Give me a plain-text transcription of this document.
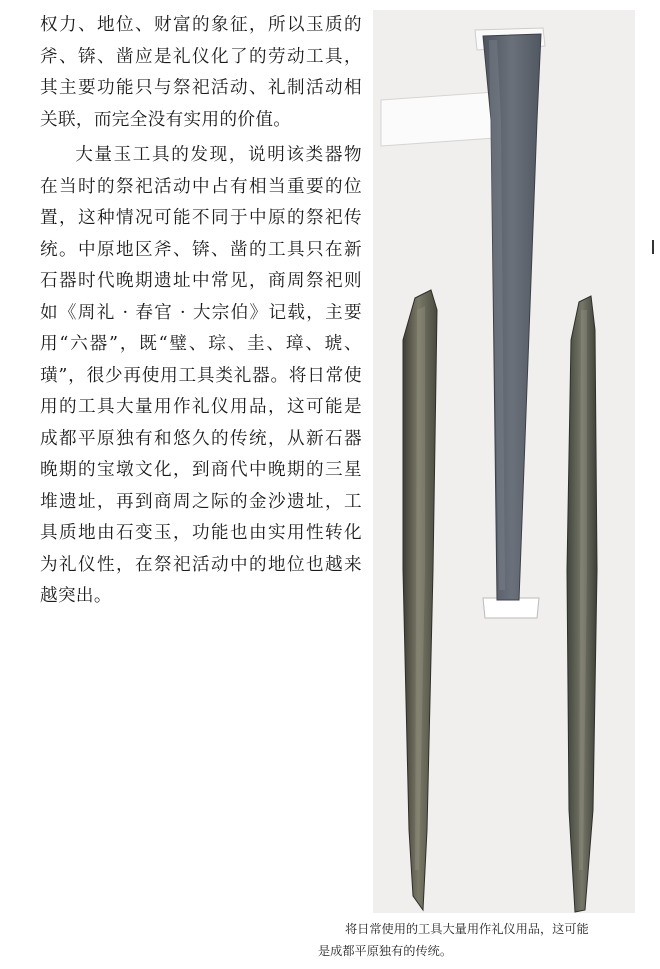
权力、地位、财富的象征，所以玉质的斧、锛、凿应是礼仪化了的劳动工具，其主要功能只与祭祀活动、礼制活动相关联，而完全没有实用的价值。

大量玉工具的发现，说明该类器物在当时的祭祀活动中占有相当重要的位置，这种情况可能不同于中原的祭祀传统。中原地区斧、锛、凿的工具只在新石器时代晚期遗址中常见，商周祭祀则如《周礼 · 春官 · 大宗伯》记载，主要用“六器”，既“璧、琮、圭、璋、琥、璜”，很少再使用工具类礼器。将日常使用的工具大量用作礼仪用品，这可能是成都平原独有和悠久的传统，从新石器晚期的宝墩文化，到商代中晚期的三星堆遗址，再到商周之际的金沙遗址，工具质地由石变玉，功能也由实用性转化为礼仪性，在祭祀活动中的地位也越来越突出。

将日常使用的工具大量用作礼仪用品，这可能
是成都平原独有的传统。
